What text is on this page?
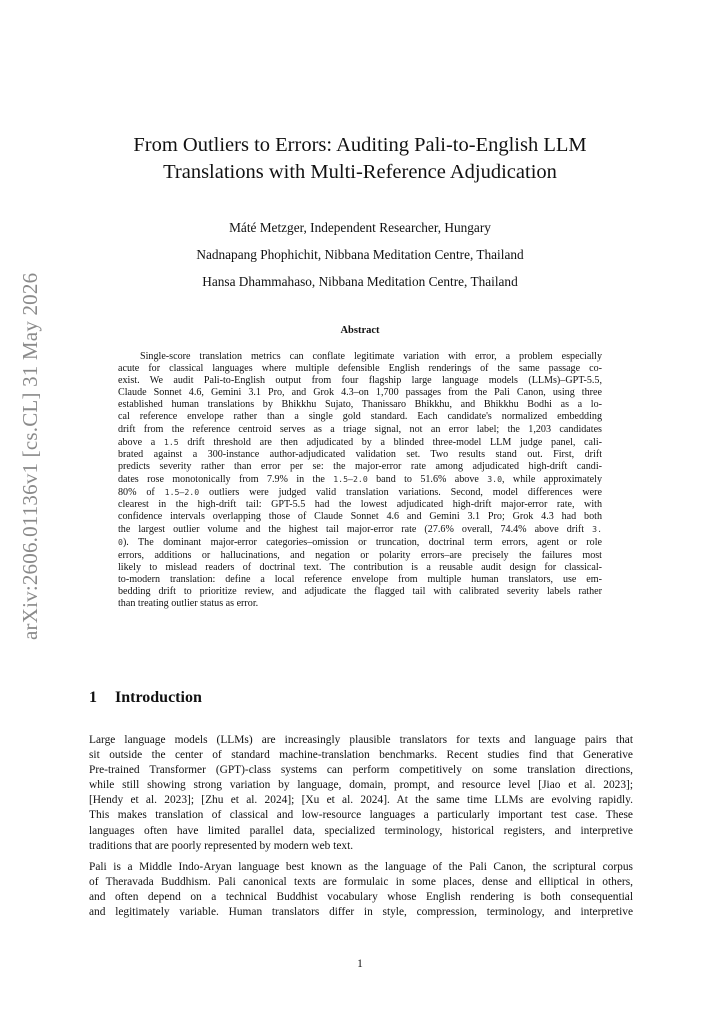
arXiv:2606.01136v1 [cs.CL] 31 May 2026
From Outliers to Errors: Auditing Pali-to-English LLM
Translations with Multi-Reference Adjudication
Máté Metzger, Independent Researcher, Hungary
Nadnapang Phophichit, Nibbana Meditation Centre, Thailand
Hansa Dhammahaso, Nibbana Meditation Centre, Thailand
Abstract
Single-score translation metrics can conflate legitimate variation with error, a problem especially
acute for classical languages where multiple defensible English renderings of the same passage co-
exist. We audit Pali-to-English output from four flagship large language models (LLMs)–GPT-5.5,
Claude Sonnet 4.6, Gemini 3.1 Pro, and Grok 4.3–on 1,700 passages from the Pali Canon, using three
established human translations by Bhikkhu Sujato, Thanissaro Bhikkhu, and Bhikkhu Bodhi as a lo-
cal reference envelope rather than a single gold standard. Each candidate's normalized embedding
drift from the reference centroid serves as a triage signal, not an error label; the 1,203 candidates
above a 1.5 drift threshold are then adjudicated by a blinded three-model LLM judge panel, cali-
brated against a 300-instance author-adjudicated validation set. Two results stand out. First, drift
predicts severity rather than error per se: the major-error rate among adjudicated high-drift candi-
dates rose monotonically from 7.9% in the 1.5–2.0 band to 51.6% above 3.0, while approximately
80% of 1.5–2.0 outliers were judged valid translation variations. Second, model differences were
clearest in the high-drift tail: GPT-5.5 had the lowest adjudicated high-drift major-error rate, with
confidence intervals overlapping those of Claude Sonnet 4.6 and Gemini 3.1 Pro; Grok 4.3 had both
the largest outlier volume and the highest tail major-error rate (27.6% overall, 74.4% above drift 3.
0). The dominant major-error categories–omission or truncation, doctrinal term errors, agent or role
errors, additions or hallucinations, and negation or polarity errors–are precisely the failures most
likely to mislead readers of doctrinal text. The contribution is a reusable audit design for classical-
to-modern translation: define a local reference envelope from multiple human translators, use em-
bedding drift to prioritize review, and adjudicate the flagged tail with calibrated severity labels rather
than treating outlier status as error.
1 Introduction
Large language models (LLMs) are increasingly plausible translators for texts and language pairs that
sit outside the center of standard machine-translation benchmarks. Recent studies find that Generative
Pre-trained Transformer (GPT)-class systems can perform competitively on some translation directions,
while still showing strong variation by language, domain, prompt, and resource level [Jiao et al. 2023];
[Hendy et al. 2023]; [Zhu et al. 2024]; [Xu et al. 2024]. At the same time LLMs are evolving rapidly.
This makes translation of classical and low-resource languages a particularly important test case. These
languages often have limited parallel data, specialized terminology, historical registers, and interpretive
traditions that are poorly represented by modern web text.
Pali is a Middle Indo-Aryan language best known as the language of the Pali Canon, the scriptural corpus
of Theravada Buddhism. Pali canonical texts are formulaic in some places, dense and elliptical in others,
and often depend on a technical Buddhist vocabulary whose English rendering is both consequential
and legitimately variable. Human translators differ in style, compression, terminology, and interpretive
1
